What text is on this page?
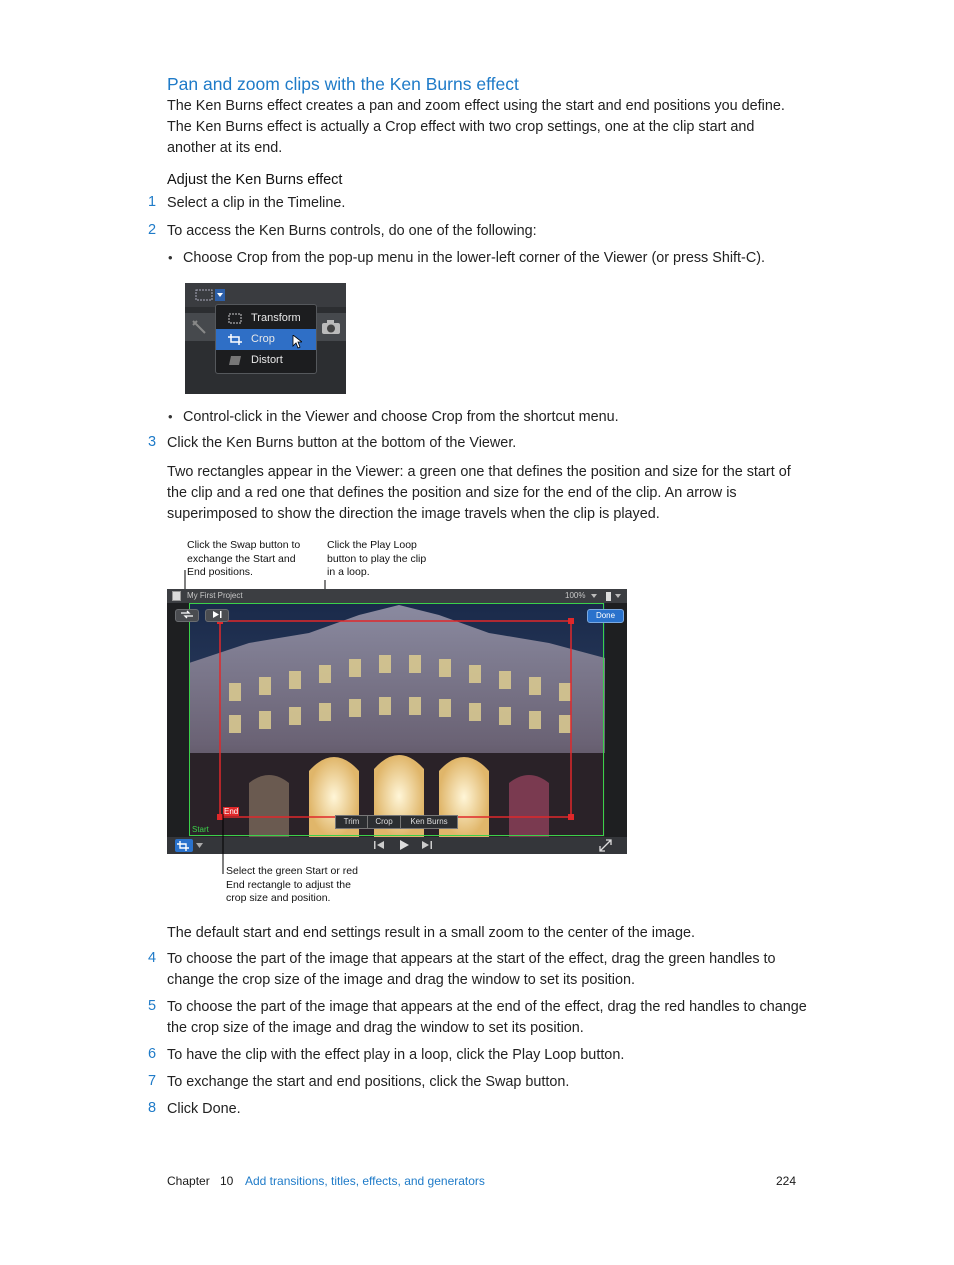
Pan and zoom clips with the Ken Burns effect
The Ken Burns effect creates a pan and zoom effect using the start and end positions you define. The Ken Burns effect is actually a Crop effect with two crop settings, one at the clip start and another at its end.
Adjust the Ken Burns effect
1 Select a clip in the Timeline.
2 To access the Ken Burns controls, do one of the following:
• Choose Crop from the pop-up menu in the lower-left corner of the Viewer (or press Shift-C).
Transform
Crop
Distort
• Control-click in the Viewer and choose Crop from the shortcut menu.
3 Click the Ken Burns button at the bottom of the Viewer.
Two rectangles appear in the Viewer: a green one that defines the position and size for the start of the clip and a red one that defines the position and size for the end of the clip. An arrow is superimposed to show the direction the image travels when the clip is played.
Click the Swap button to exchange the Start and End positions.
Click the Play Loop button to play the clip in a loop.
My First Project	100%
Start
End
Done
Trim	Crop	Ken Burns
Select the green Start or red End rectangle to adjust the crop size and position.
The default start and end settings result in a small zoom to the center of the image.
4 To choose the part of the image that appears at the start of the effect, drag the green handles to change the crop size of the image and drag the window to set its position.
5 To choose the part of the image that appears at the end of the effect, drag the red handles to change the crop size of the image and drag the window to set its position.
6 To have the clip with the effect play in a loop, click the Play Loop button.
7 To exchange the start and end positions, click the Swap button.
8 Click Done.
Chapter 10 Add transitions, titles, effects, and generators	224
